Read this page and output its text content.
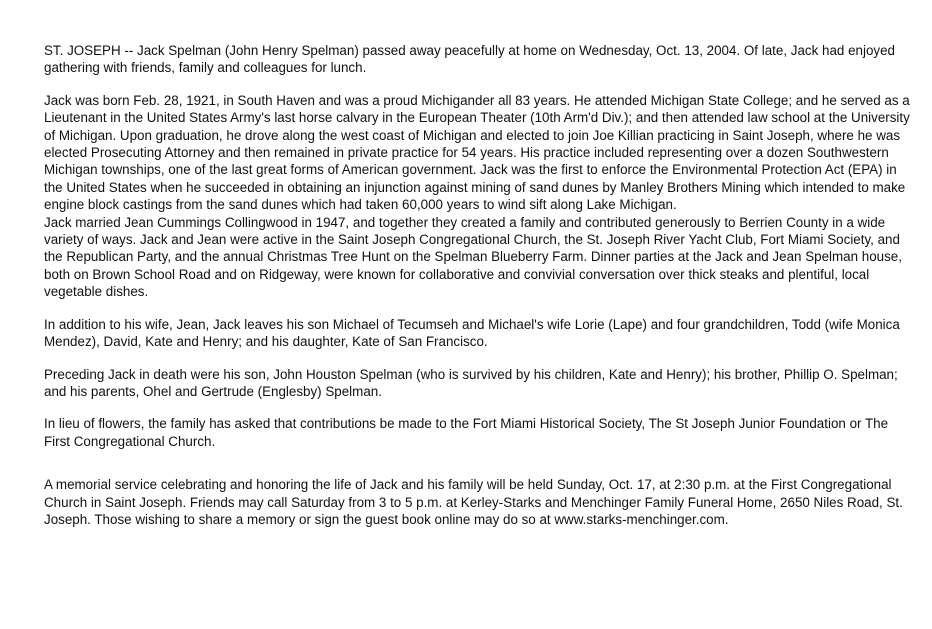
ST. JOSEPH -- Jack Spelman (John Henry Spelman) passed away peacefully at home on Wednesday, Oct. 13, 2004. Of late, Jack had enjoyed gathering with friends, family and colleagues for lunch.

Jack was born Feb. 28, 1921, in South Haven and was a proud Michigander all 83 years. He attended Michigan State College; and he served as a Lieutenant in the United States Army's last horse calvary in the European Theater (10th Arm'd Div.); and then attended law school at the University of Michigan. Upon graduation, he drove along the west coast of Michigan and elected to join Joe Killian practicing in Saint Joseph, where he was elected Prosecuting Attorney and then remained in private practice for 54 years. His practice included representing over a dozen Southwestern Michigan townships, one of the last great forms of American government. Jack was the first to enforce the Environmental Protection Act (EPA) in the United States when he succeeded in obtaining an injunction against mining of sand dunes by Manley Brothers Mining which intended to make engine block castings from the sand dunes which had taken 60,000 years to wind sift along Lake Michigan.

Jack married Jean Cummings Collingwood in 1947, and together they created a family and contributed generously to Berrien County in a wide variety of ways. Jack and Jean were active in the Saint Joseph Congregational Church, the St. Joseph River Yacht Club, Fort Miami Society, and the Republican Party, and the annual Christmas Tree Hunt on the Spelman Blueberry Farm. Dinner parties at the Jack and Jean Spelman house, both on Brown School Road and on Ridgeway, were known for collaborative and convivial conversation over thick steaks and plentiful, local vegetable dishes.

In addition to his wife, Jean, Jack leaves his son Michael of Tecumseh and Michael's wife Lorie (Lape) and four grandchildren, Todd (wife Monica Mendez), David, Kate and Henry; and his daughter, Kate of San Francisco.

Preceding Jack in death were his son, John Houston Spelman (who is survived by his children, Kate and Henry); his brother, Phillip O. Spelman; and his parents, Ohel and Gertrude (Englesby) Spelman.

In lieu of flowers, the family has asked that contributions be made to the Fort Miami Historical Society, The St Joseph Junior Foundation or The First Congregational Church.

A memorial service celebrating and honoring the life of Jack and his family will be held Sunday, Oct. 17, at 2:30 p.m. at the First Congregational Church in Saint Joseph. Friends may call Saturday from 3 to 5 p.m. at Kerley-Starks and Menchinger Family Funeral Home, 2650 Niles Road, St. Joseph. Those wishing to share a memory or sign the guest book online may do so at www.starks-menchinger.com.
